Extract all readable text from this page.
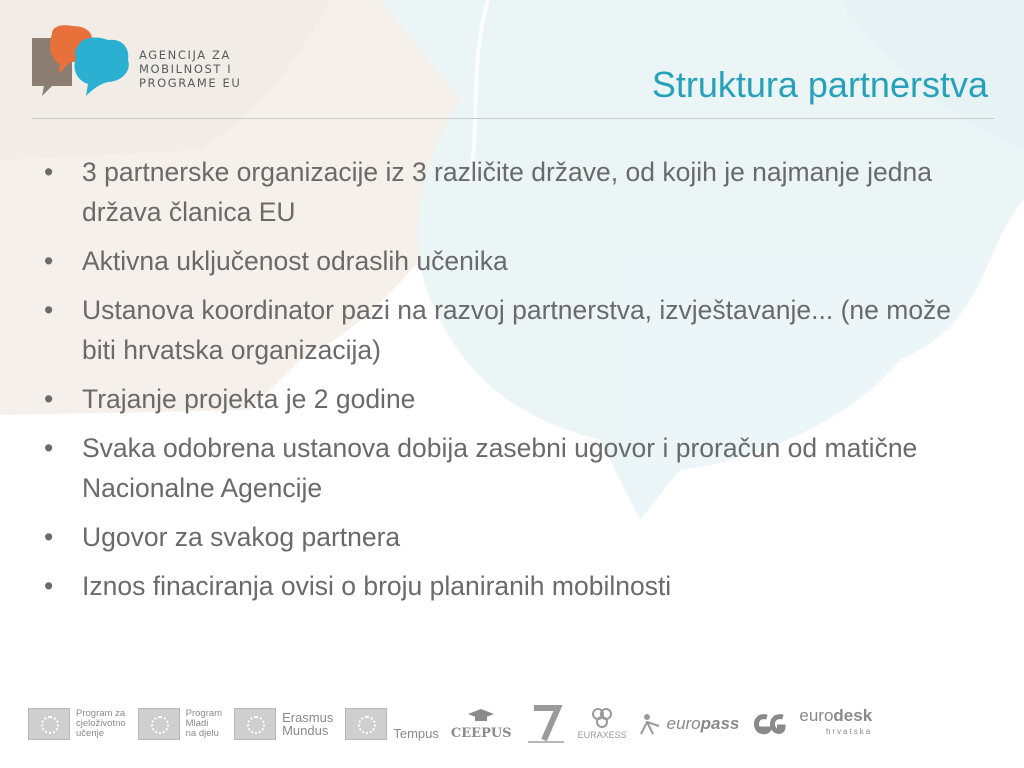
AGENCIJA ZA
MOBILNOST I
PROGRAME EU	Struktura partnerstva
• 3 partnerske organizacije iz 3 različite države, od kojih je najmanje jedna država članica EU
• Aktivna uključenost odraslih učenika
• Ustanova koordinator pazi na razvoj partnerstva, izvještavanje... (ne može biti hrvatska organizacija)
• Trajanje projekta je 2 godine
• Svaka odobrena ustanova dobija zasebni ugovor i proračun od matične Nacionalne Agencije
• Ugovor za svakog partnera
• Iznos finaciranja ovisi o broju planiranih mobilnosti
Program za
cjeloživotno
učenje
Program
Mladi
na djelu
Erasmus
Mundus	Tempus CEEPUS	EURAXESS
euro pass	eurodesk
hrvatska
